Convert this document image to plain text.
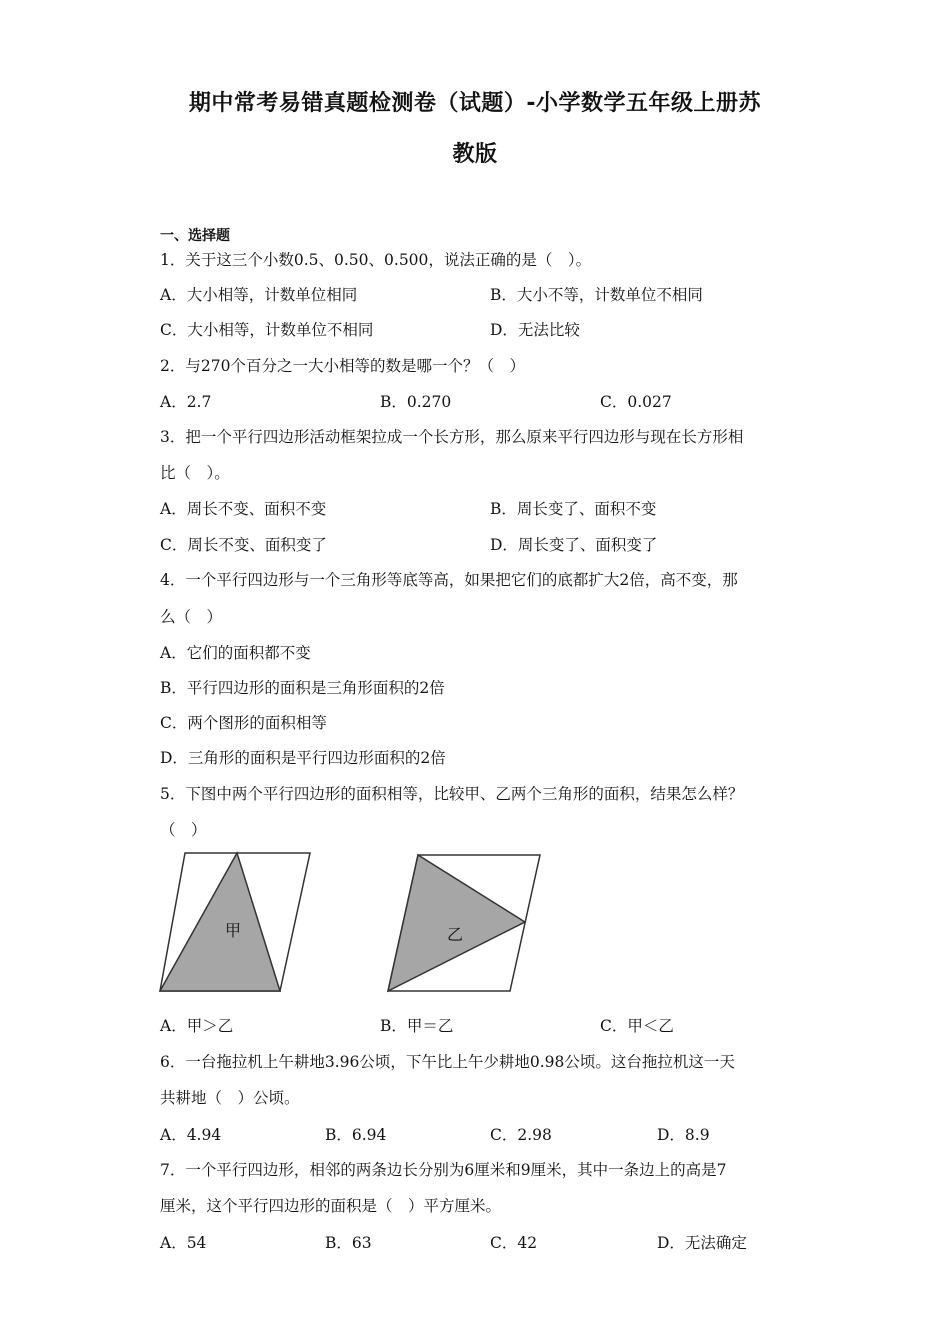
期中常考易错真题检测卷（试题）-小学数学五年级上册苏
教版
一、选择题
1．关于这三个小数0.5、0.50、0.500，说法正确的是（　）。
A．大小相等，计数单位相同	B．大小不等，计数单位不相同
C．大小相等，计数单位不相同	D．无法比较
2．与270个百分之一大小相等的数是哪一个？（　）
A．2.7	B．0.270	C．0.027
3．把一个平行四边形活动框架拉成一个长方形，那么原来平行四边形与现在长方形相
比（　）。
A．周长不变、面积不变	B．周长变了、面积不变
C．周长不变、面积变了	D．周长变了、面积变了
4．一个平行四边形与一个三角形等底等高，如果把它们的底都扩大2倍，高不变，那
么（　）
A．它们的面积都不变
B．平行四边形的面积是三角形面积的2倍
C．两个图形的面积相等
D．三角形的面积是平行四边形面积的2倍
5．下图中两个平行四边形的面积相等，比较甲、乙两个三角形的面积，结果怎么样？
（　）
甲	乙
A．甲＞乙	B．甲＝乙	C．甲＜乙
6．一台拖拉机上午耕地3.96公顷，下午比上午少耕地0.98公顷。这台拖拉机这一天
共耕地（　）公顷。
A．4.94	B．6.94	C．2.98	D．8.9
7．一个平行四边形，相邻的两条边长分别为6厘米和9厘米，其中一条边上的高是7
厘米，这个平行四边形的面积是（　）平方厘米。
A．54	B．63	C．42	D．无法确定
